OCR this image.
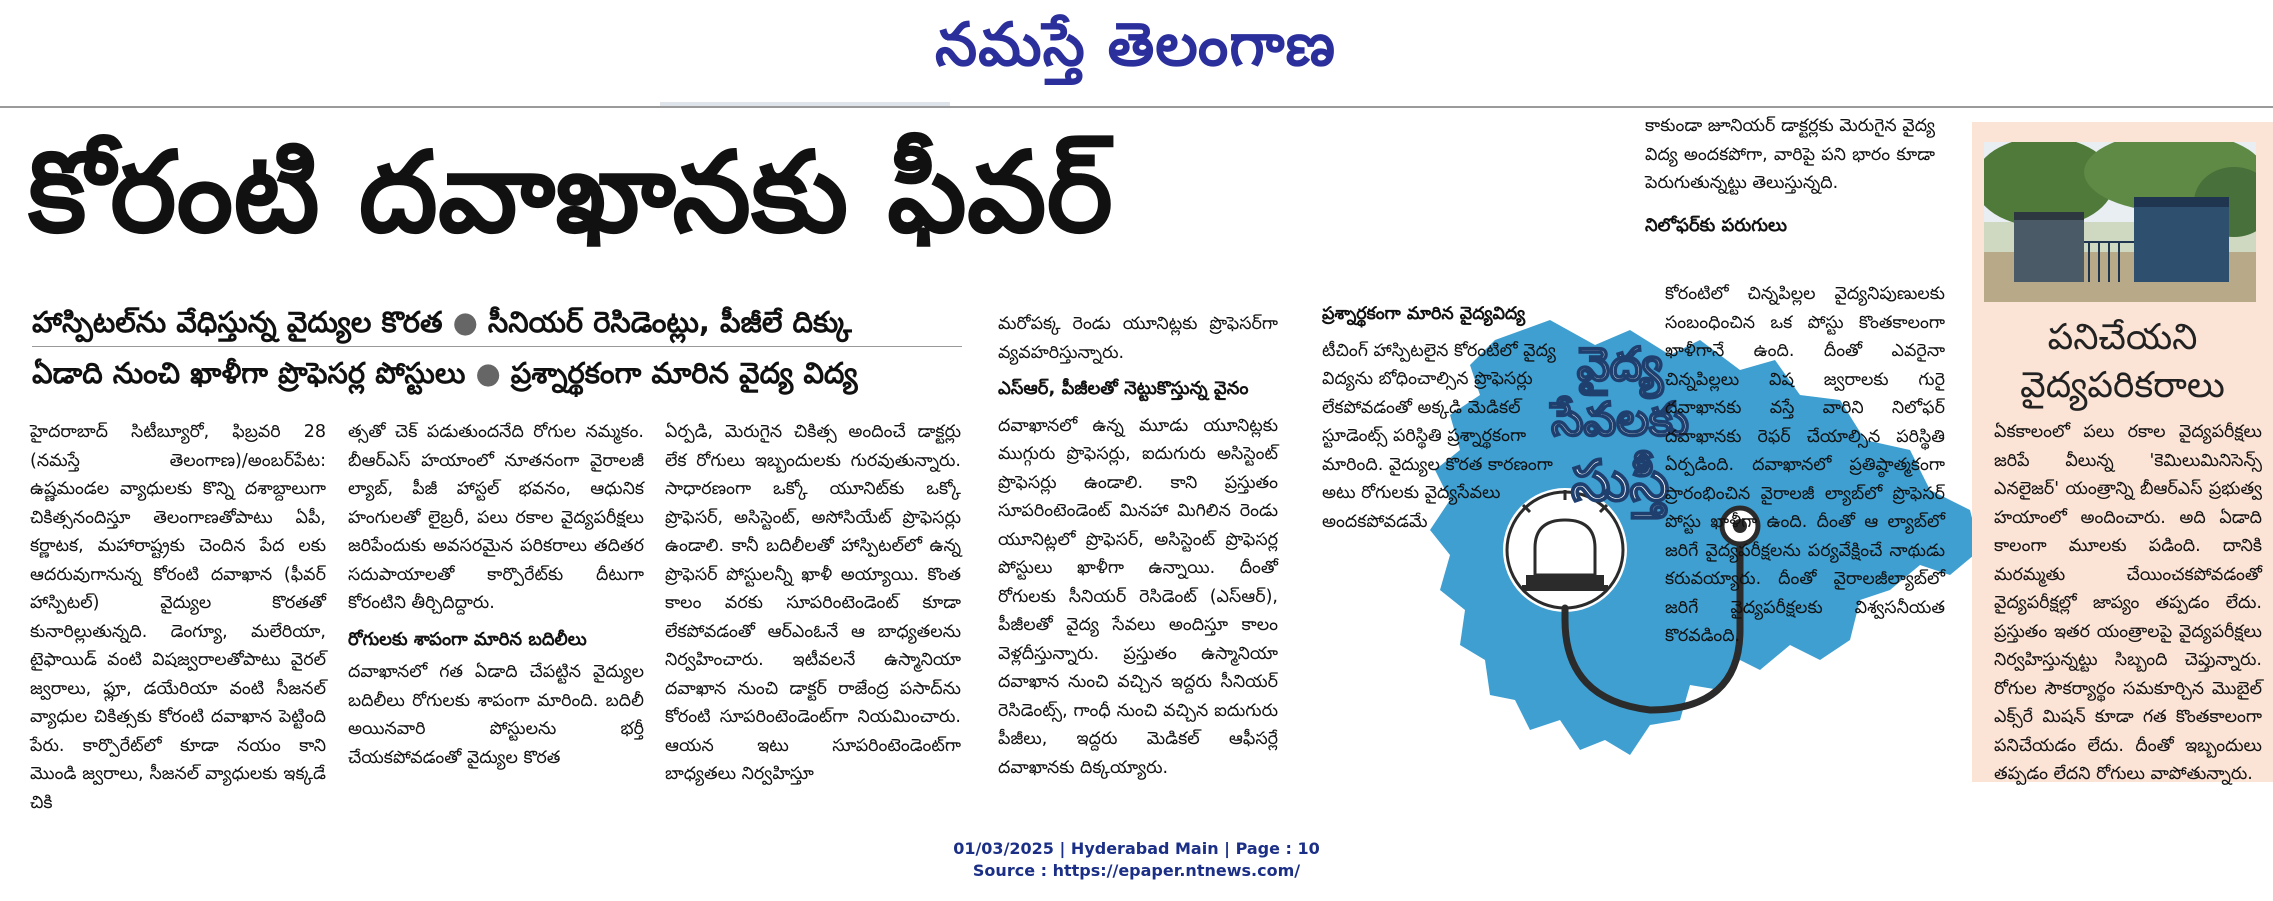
నమస్తే తెలంగాణ
కోరంటి దవాఖానకు ఫీవర్
హాస్పిటల్‌ను వేధిస్తున్న వైద్యుల కొరత ● సీనియర్ రెసిడెంట్లు, పీజీలే దిక్కు
ఏడాది నుంచి ఖాళీగా ప్రొఫెసర్ల పోస్టులు ● ప్రశ్నార్థకంగా మారిన వైద్య విద్య

హైదరాబాద్ సిటీబ్యూరో, ఫిబ్రవరి 28 (నమస్తే తెలంగాణ)/అంబర్‌పేట: ఉష్ణమండల వ్యాధులకు కొన్ని దశాబ్దాలుగా చికిత్సనందిస్తూ తెలంగాణతోపాటు ఏపీ, కర్ణాటక, మహారాష్ట్రకు చెందిన పేద లకు ఆదరువుగానున్న కోరంటి దవాఖాన (ఫీవర్ హాస్పిటల్) వైద్యుల కొరతతో కునారిల్లుతున్నది. డెంగ్యూ, మలేరియా, టైఫాయిడ్ వంటి విషజ్వరాలతోపాటు వైరల్ జ్వరాలు, ఫ్లూ, డయేరియా వంటి సీజనల్ వ్యాధుల చికిత్సకు కోరంటి దవాఖాన పెట్టింది పేరు. కార్పొరేట్‌లో కూడా నయం కాని మొండి జ్వరాలు, సీజనల్ వ్యాధులకు ఇక్కడే చికి

త్సతో చెక్ పడుతుందనేది రోగుల నమ్మకం. బీఆర్‌ఎస్ హయాంలో నూతనంగా వైరాలజీ ల్యాబ్, పీజీ హాస్టల్ భవనం, ఆధునిక హంగులతో లైబ్రరీ, పలు రకాల వైద్యపరీక్షలు జరిపేందుకు అవసరమైన పరికరాలు తదితర సదుపాయాలతో కార్పొరేట్‌కు దీటుగా కోరంటిని తీర్చిదిద్దారు.

రోగులకు శాపంగా మారిన బదిలీలు

దవాఖానలో గత ఏడాది చేపట్టిన వైద్యుల బదిలీలు రోగులకు శాపంగా మారింది. బదిలీ అయినవారి పోస్టులను భర్తీ చేయకపోవడంతో వైద్యుల కొరత

ఏర్పడి, మెరుగైన చికిత్స అందించే డాక్టర్లు లేక రోగులు ఇబ్బందులకు గురవుతున్నారు. సాధారణంగా ఒక్కో యూనిట్‌కు ఒక్కో ప్రొఫెసర్, అసిస్టెంట్, అసోసియేట్ ప్రొఫెసర్లు ఉండాలి. కానీ బదిలీలతో హాస్పిటల్‌లో ఉన్న ప్రొఫెసర్ పోస్టులన్నీ ఖాళీ అయ్యాయి. కొంత కాలం వరకు సూపరింటెండెంట్ కూడా లేకపోవడంతో ఆర్‌ఎంఓనే ఆ బాధ్యతలను నిర్వహించారు. ఇటీవలనే ఉస్మానియా దవాఖాన నుంచి డాక్టర్ రాజేంద్ర పసాద్‌ను కోరంటి సూపరింటెండెంట్‌గా నియమించారు. ఆయన ఇటు సూపరింటెండెంట్‌గా బాధ్యతలు నిర్వహిస్తూ

మరోపక్క రెండు యూనిట్లకు ప్రొఫెసర్‌గా వ్యవహరిస్తున్నారు.

ఎస్‌ఆర్, పీజీలతో నెట్టుకొస్తున్న వైనం

దవాఖానలో ఉన్న మూడు యూనిట్లకు ముగ్గురు ప్రొఫెసర్లు, ఐదుగురు అసిస్టెంట్ ప్రొఫెసర్లు ఉండాలి. కాని ప్రస్తుతం సూపరింటెండెంట్ మినహా మిగిలిన రెండు యూనిట్లలో ప్రొఫెసర్, అసిస్టెంట్ ప్రొఫెసర్ల పోస్టులు ఖాళీగా ఉన్నాయి. దీంతో రోగులకు సీనియర్ రెసిడెంట్ (ఎస్‌ఆర్), పీజీలతో వైద్య సేవలు అందిస్తూ కాలం వెళ్లదీస్తున్నారు. ప్రస్తుతం ఉస్మానియా దవాఖాన నుంచి వచ్చిన ఇద్దరు సీనియర్ రెసిడెంట్స్, గాంధీ నుంచి వచ్చిన ఐదుగురు పీజీలు, ఇద్దరు మెడికల్ ఆఫీసర్లే దవాఖానకు దిక్కయ్యారు.

వైద్య
సేవలకు
సుస్తీ

ప్రశ్నార్థకంగా మారిన వైద్యవిద్య

టీచింగ్ హాస్పిటలైన కోరంటిలో వైద్య విద్యను బోధించాల్సిన ప్రొఫెసర్లు లేకపోవడంతో అక్కడి మెడికల్ స్టూడెంట్స్ పరిస్థితి ప్రశ్నార్థకంగా మారింది. వైద్యుల కొరత కారణంగా అటు రోగులకు వైద్యసేవలు అందకపోవడమే

కాకుండా జూనియర్ డాక్టర్లకు మెరుగైన వైద్య విద్య అందకపోగా, వారిపై పని భారం కూడా పెరుగుతున్నట్టు తెలుస్తున్నది.

నిలోఫర్‌కు పరుగులు

కోరంటిలో చిన్నపిల్లల వైద్యనిపుణులకు సంబంధించిన ఒక పోస్టు కొంతకాలంగా ఖాళీగానే ఉంది. దీంతో ఎవరైనా చిన్నపిల్లలు విష జ్వరాలకు గురై దవాఖానకు వస్తే వారిని నిలోఫర్ దవాఖానకు రెఫర్ చేయాల్సిన పరిస్థితి ఏర్పడింది. దవాఖానలో ప్రతిష్ఠాత్మకంగా ప్రారంభించిన వైరాలజీ ల్యాబ్‌లో ప్రొఫెసర్ పోస్టు ఖాళీగా ఉంది. దీంతో ఆ ల్యాబ్‌లో జరిగే వైద్యపరీక్షలను పర్యవేక్షించే నాథుడు కరువయ్యారు. దీంతో వైరాలజీల్యాబ్‌లో జరిగే వైద్యపరీక్షలకు విశ్వసనీయత కొరవడింది.

పనిచేయని వైద్యపరికరాలు

ఏకకాలంలో పలు రకాల వైద్యపరీక్షలు జరిపే వీలున్న 'కెమిలుమినిసెన్స్ ఎనలైజర్' యంత్రాన్ని బీఆర్‌ఎస్ ప్రభుత్వ హయాంలో అందించారు. అది ఏడాది కాలంగా మూలకు పడింది. దానికి మరమ్మతు చేయించకపోవడంతో వైద్యపరీక్షల్లో జాప్యం తప్పడం లేదు. ప్రస్తుతం ఇతర యంత్రాలపై వైద్యపరీక్షలు నిర్వహిస్తున్నట్టు సిబ్బంది చెప్తున్నారు. రోగుల సౌకర్యార్థం సమకూర్చిన మొబైల్ ఎక్స్‌రే మిషన్ కూడా గత కొంతకాలంగా పనిచేయడం లేదు. దీంతో ఇబ్బందులు తప్పడం లేదని రోగులు వాపోతున్నారు.

01/03/2025 | Hyderabad Main | Page : 10
Source : https://epaper.ntnews.com/
